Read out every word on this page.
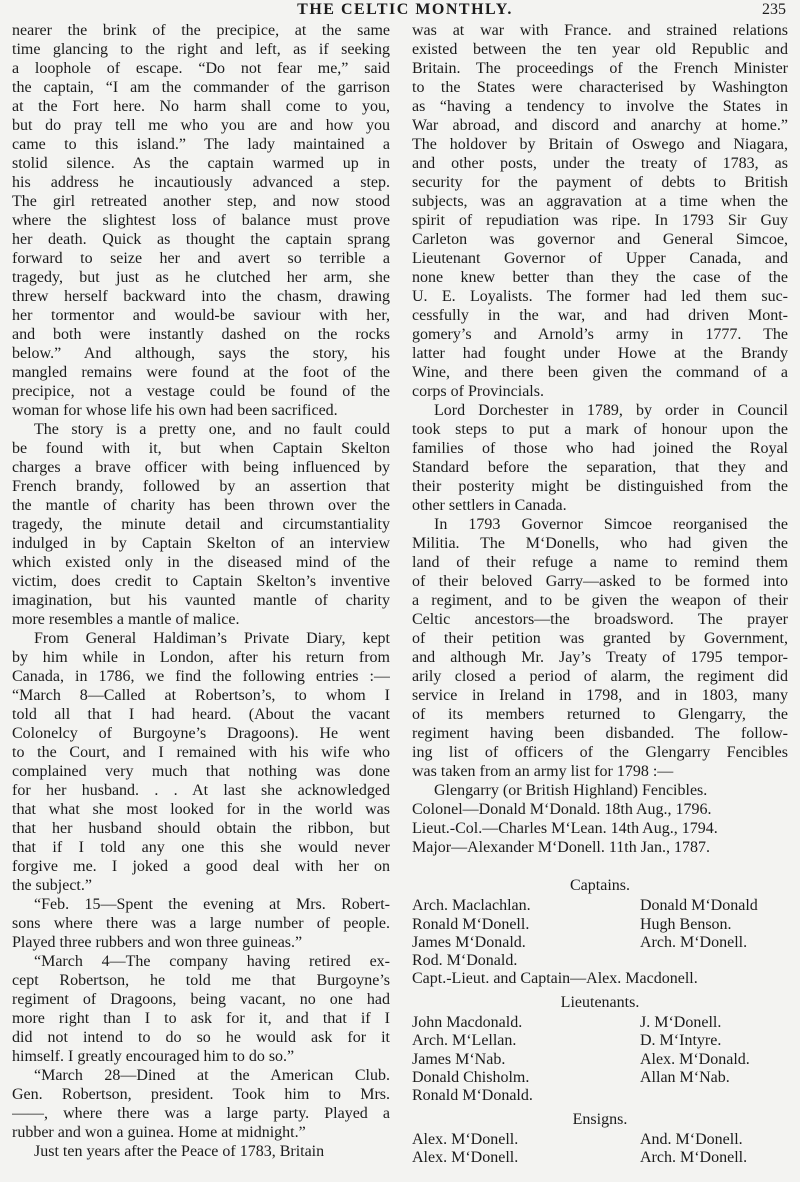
THE CELTIC MONTHLY.	235
nearer the brink of the precipice, at the same
time glancing to the right and left, as if seeking
a loophole of escape. “Do not fear me,” said
the captain, “I am the commander of the garrison
at the Fort here. No harm shall come to you,
but do pray tell me who you are and how you
came to this island.” The lady maintained a
stolid silence. As the captain warmed up in
his address he incautiously advanced a step.
The girl retreated another step, and now stood
where the slightest loss of balance must prove
her death. Quick as thought the captain sprang
forward to seize her and avert so terrible a
tragedy, but just as he clutched her arm, she
threw herself backward into the chasm, drawing
her tormentor and would-be saviour with her,
and both were instantly dashed on the rocks
below.” And although, says the story, his
mangled remains were found at the foot of the
precipice, not a vestage could be found of the
woman for whose life his own had been sacrificed.
The story is a pretty one, and no fault could
be found with it, but when Captain Skelton
charges a brave officer with being influenced by
French brandy, followed by an assertion that
the mantle of charity has been thrown over the
tragedy, the minute detail and circumstantiality
indulged in by Captain Skelton of an interview
which existed only in the diseased mind of the
victim, does credit to Captain Skelton’s inventive
imagination, but his vaunted mantle of charity
more resembles a mantle of malice.
From General Haldiman’s Private Diary, kept
by him while in London, after his return from
Canada, in 1786, we find the following entries :—
“March 8—Called at Robertson’s, to whom I
told all that I had heard. (About the vacant
Colonelcy of Burgoyne’s Dragoons). He went
to the Court, and I remained with his wife who
complained very much that nothing was done
for her husband. . . At last she acknowledged
that what she most looked for in the world was
that her husband should obtain the ribbon, but
that if I told any one this she would never
forgive me. I joked a good deal with her on
the subject.”
“Feb. 15—Spent the evening at Mrs. Robert-
sons where there was a large number of people.
Played three rubbers and won three guineas.”
“March 4—The company having retired ex-
cept Robertson, he told me that Burgoyne’s
regiment of Dragoons, being vacant, no one had
more right than I to ask for it, and that if I
did not intend to do so he would ask for it
himself. I greatly encouraged him to do so.”
“March 28—Dined at the American Club.
Gen. Robertson, president. Took him to Mrs.
——, where there was a large party. Played a
rubber and won a guinea. Home at midnight.”
Just ten years after the Peace of 1783, Britain
was at war with France. and strained relations
existed between the ten year old Republic and
Britain. The proceedings of the French Minister
to the States were characterised by Washington
as “having a tendency to involve the States in
War abroad, and discord and anarchy at home.”
The holdover by Britain of Oswego and Niagara,
and other posts, under the treaty of 1783, as
security for the payment of debts to British
subjects, was an aggravation at a time when the
spirit of repudiation was ripe. In 1793 Sir Guy
Carleton was governor and General Simcoe,
Lieutenant Governor of Upper Canada, and
none knew better than they the case of the
U. E. Loyalists. The former had led them suc-
cessfully in the war, and had driven Mont-
gomery’s and Arnold’s army in 1777. The
latter had fought under Howe at the Brandy
Wine, and there been given the command of a
corps of Provincials.
Lord Dorchester in 1789, by order in Council
took steps to put a mark of honour upon the
families of those who had joined the Royal
Standard before the separation, that they and
their posterity might be distinguished from the
other settlers in Canada.
In 1793 Governor Simcoe reorganised the
Militia. The M‘Donells, who had given the
land of their refuge a name to remind them
of their beloved Garry—asked to be formed into
a regiment, and to be given the weapon of their
Celtic ancestors—the broadsword. The prayer
of their petition was granted by Government,
and although Mr. Jay’s Treaty of 1795 tempor-
arily closed a period of alarm, the regiment did
service in Ireland in 1798, and in 1803, many
of its members returned to Glengarry, the
regiment having been disbanded. The follow-
ing list of officers of the Glengarry Fencibles
was taken from an army list for 1798 :—
Glengarry (or British Highland) Fencibles.
Colonel—Donald M‘Donald. 18th Aug., 1796.
Lieut.-Col.—Charles M‘Lean. 14th Aug., 1794.
Major—Alexander M‘Donell. 11th Jan., 1787.
Captains.
Arch. Maclachlan.	Donald M‘Donald
Ronald M‘Donell.	Hugh Benson.
James M‘Donald.	Arch. M‘Donell.
Rod. M‘Donald.
Capt.-Lieut. and Captain—Alex. Macdonell.
Lieutenants.
John Macdonald.	J. M‘Donell.
Arch. M‘Lellan.	D. M‘Intyre.
James M‘Nab.	Alex. M‘Donald.
Donald Chisholm.	Allan M‘Nab.
Ronald M‘Donald.
Ensigns.
Alex. M‘Donell.	And. M‘Donell.
Alex. M‘Donell.	Arch. M‘Donell.
